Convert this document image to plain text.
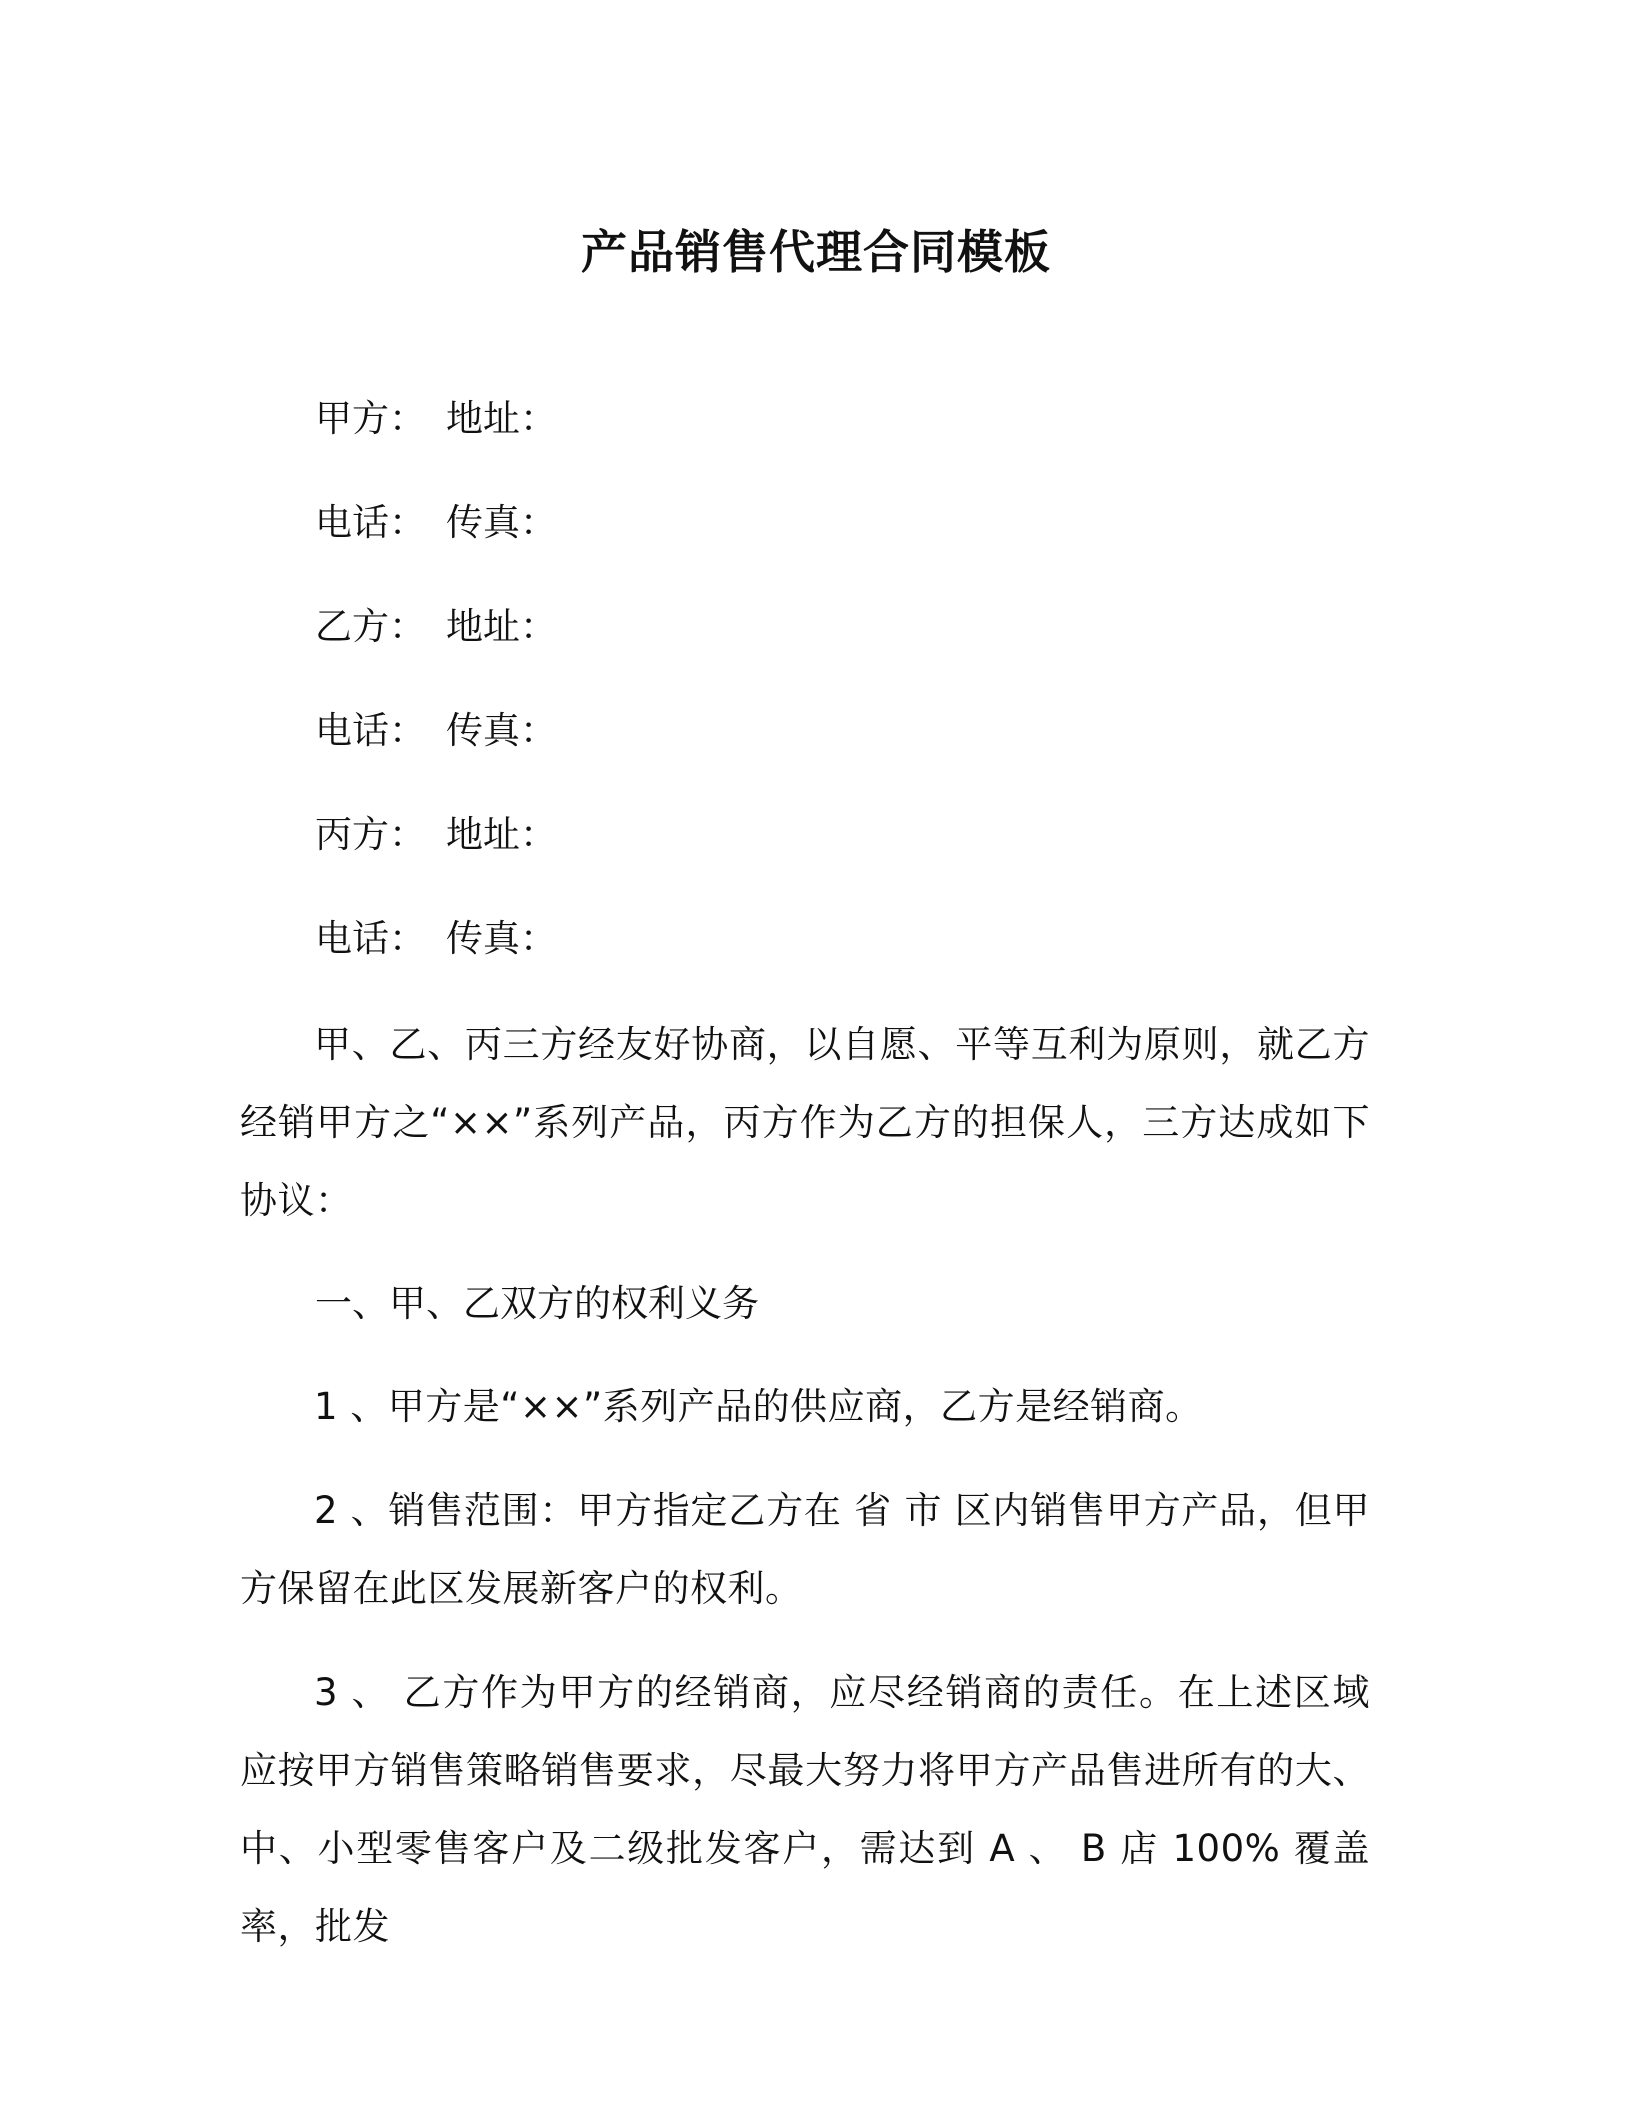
产品销售代理合同模板
甲方： 地址：
电话： 传真：
乙方： 地址：
电话： 传真：
丙方： 地址：
电话： 传真：

甲、乙、丙三方经友好协商，以自愿、平等互利为原则，就乙方经销甲方之“××”系列产品，丙方作为乙方的担保人，三方达成如下协议：

一、甲、乙双方的权利义务

1 、甲方是“××”系列产品的供应商，乙方是经销商。

2 、销售范围：甲方指定乙方在 省 市 区内销售甲方产品，但甲方保留在此区发展新客户的权利。

3 、 乙方作为甲方的经销商，应尽经销商的责任。在上述区域应按甲方销售策略销售要求，尽最大努力将甲方产品售进所有的大、中、小型零售客户及二级批发客户，需达到 A 、 B 店 100% 覆盖率，批发
